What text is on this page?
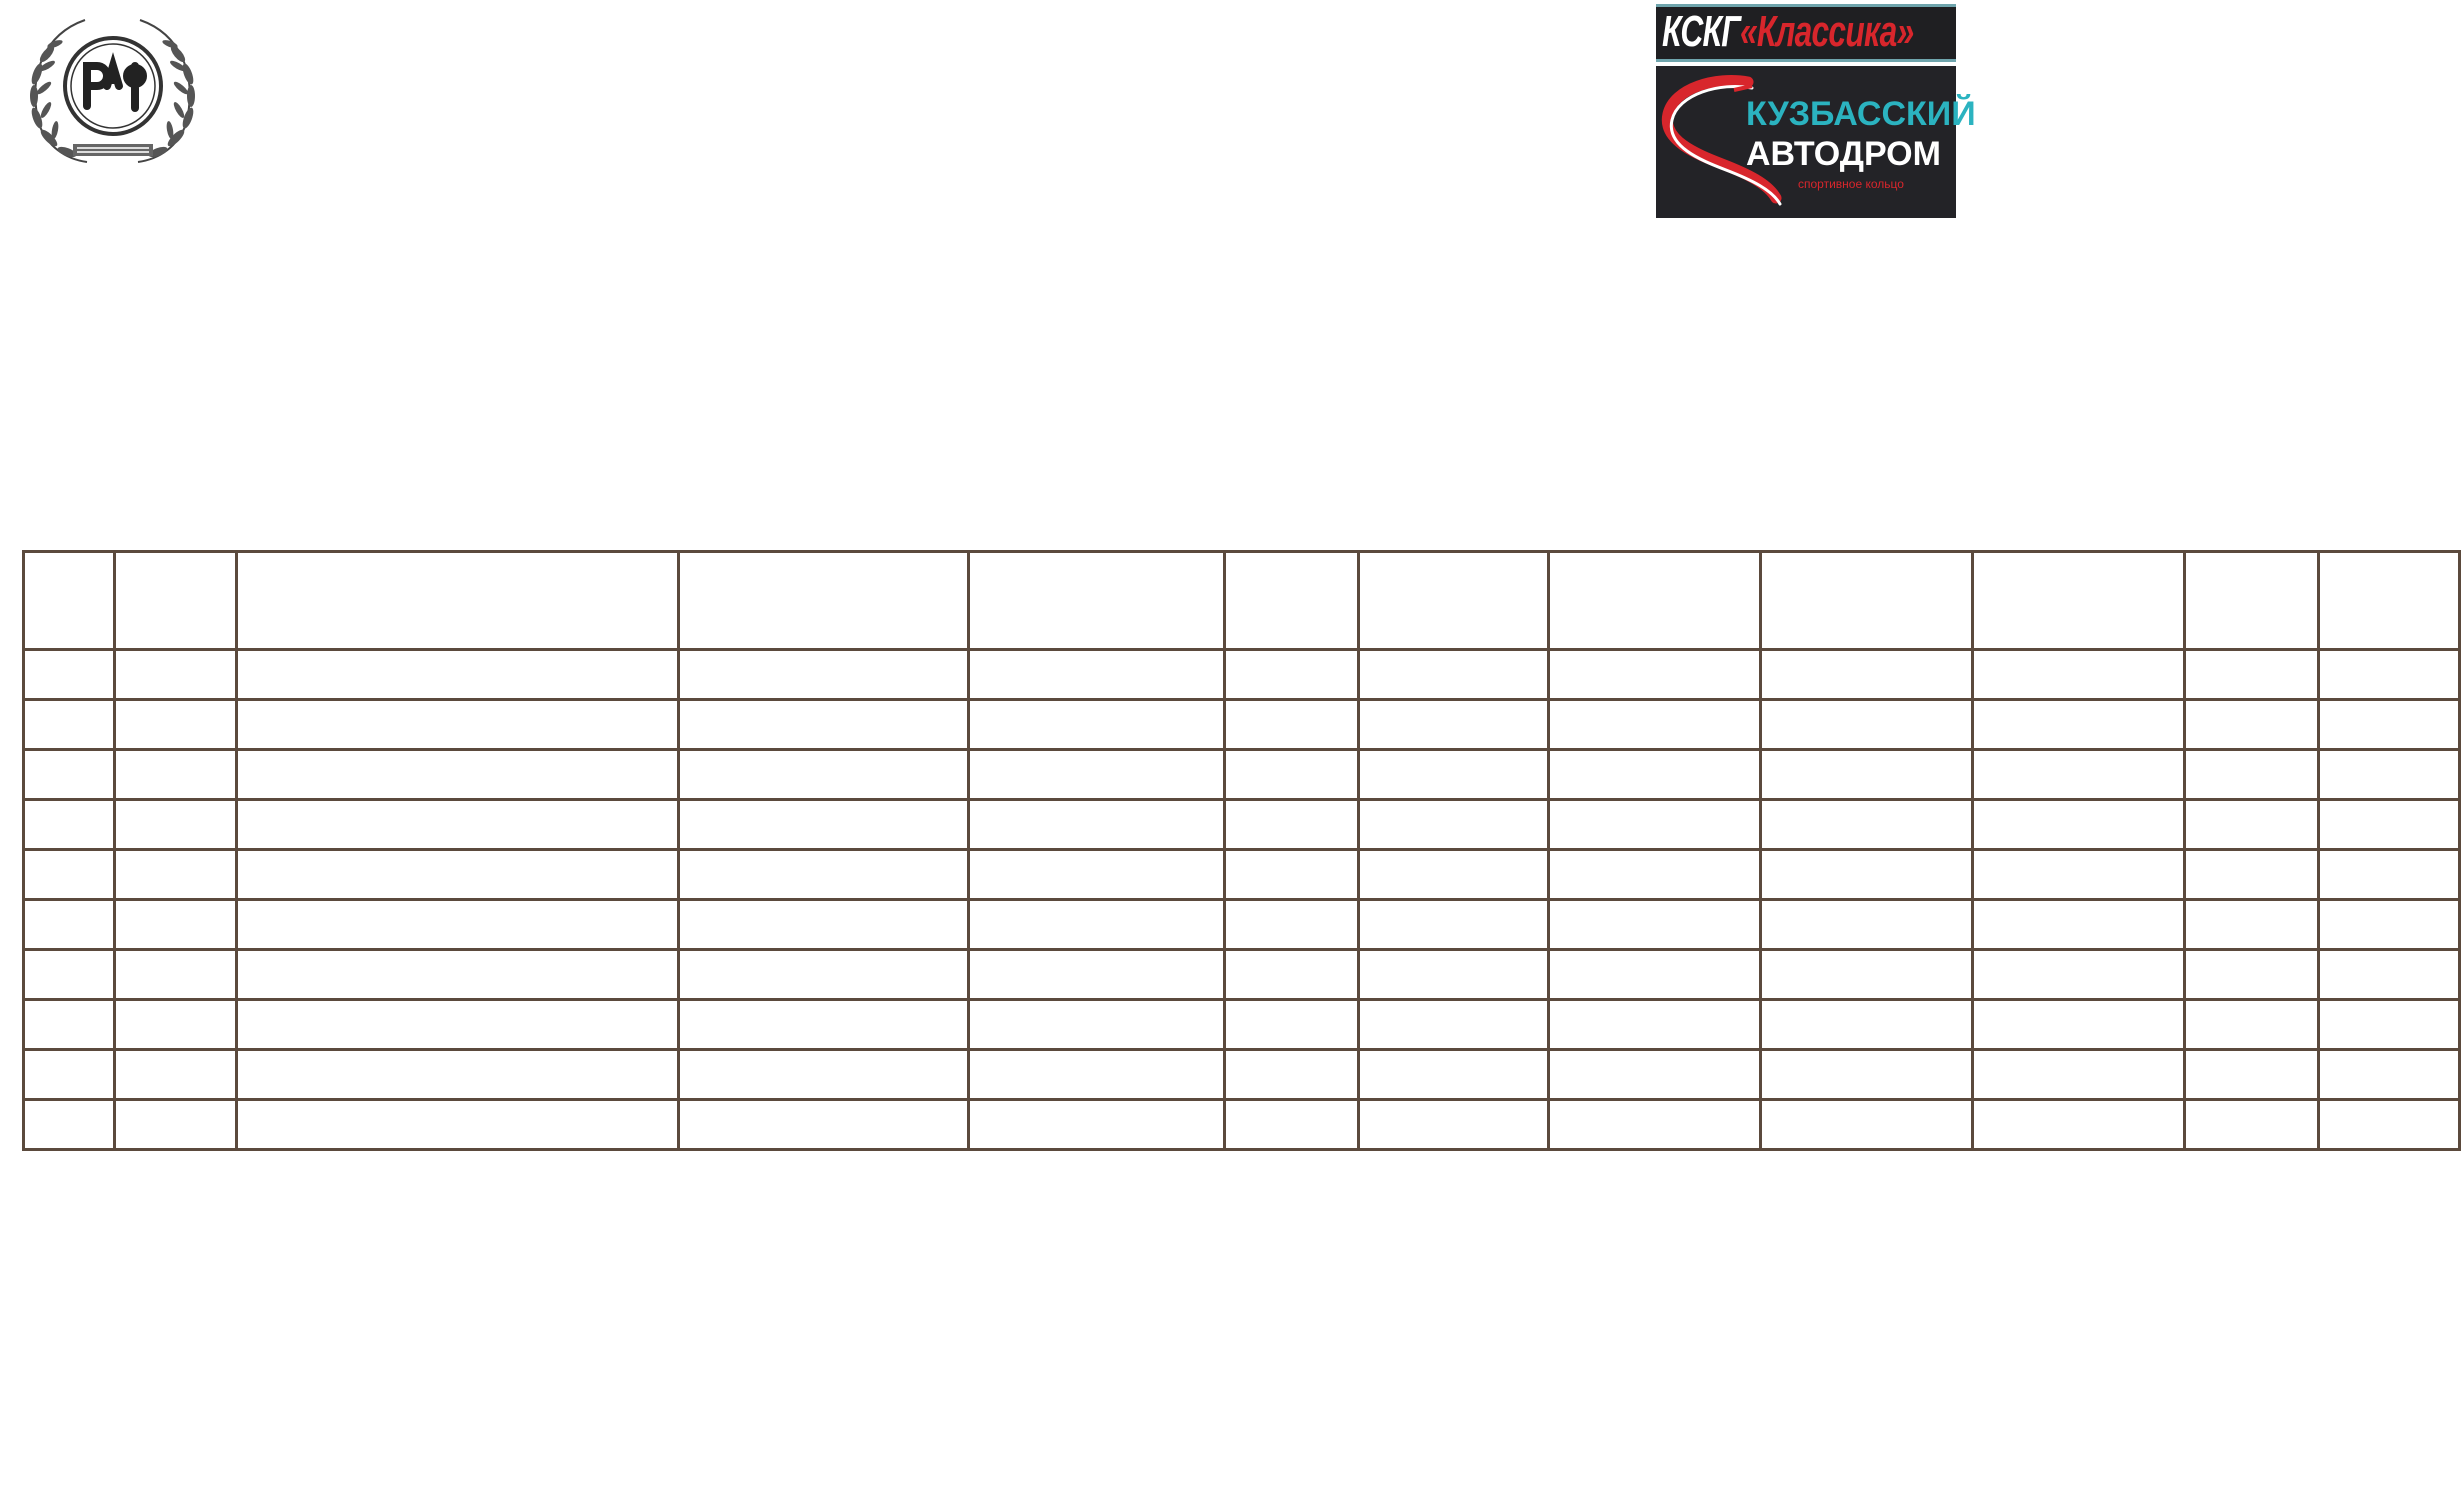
КСКГ«Классика»
КУЗБАССКИЙ
АВТОДРОМ
спортивное кольцо
